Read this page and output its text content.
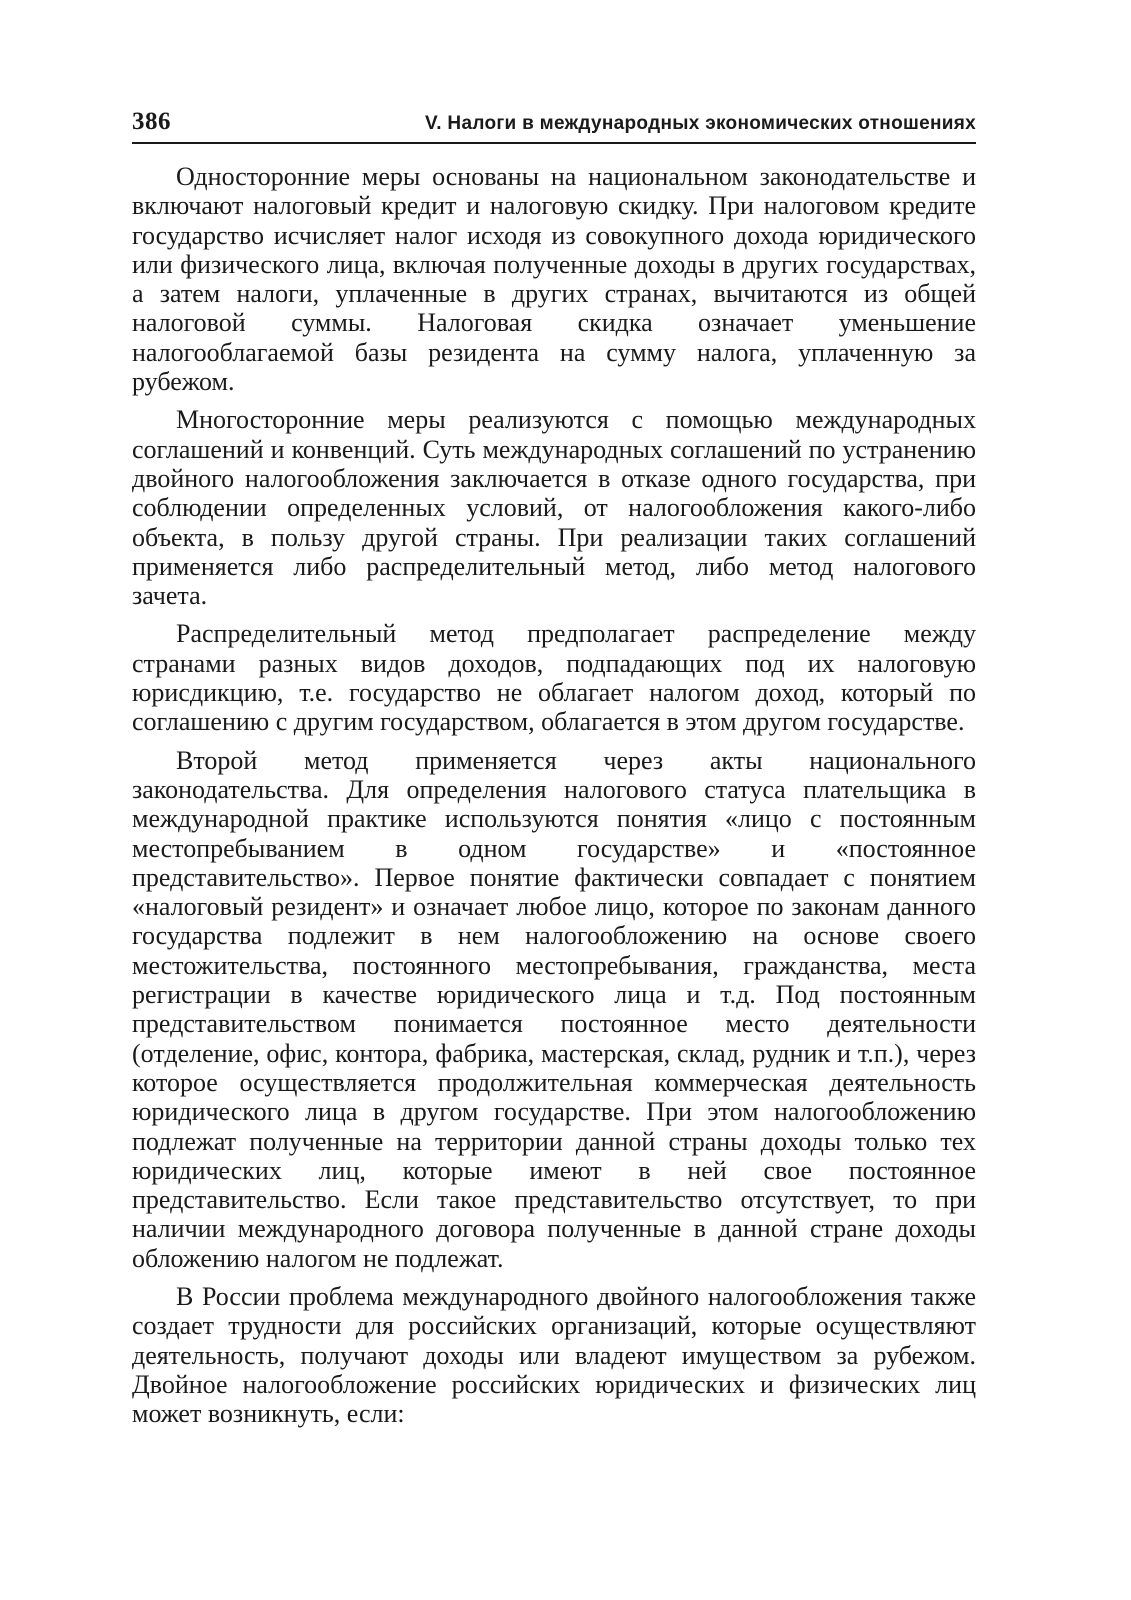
386	V. Налоги в международных экономических отношениях

Односторонние меры основаны на национальном законодательстве и включают налоговый кредит и налоговую скидку. При налоговом кредите государство исчисляет налог исходя из совокупного дохода юридического или физического лица, включая полученные доходы в других государствах, а затем налоги, уплаченные в других странах, вычитаются из общей налоговой суммы. Налоговая скидка означает уменьшение налогооблагаемой базы резидента на сумму налога, уплаченную за рубежом.

Многосторонние меры реализуются с помощью международных соглашений и конвенций. Суть международных соглашений по устранению двойного налогообложения заключается в отказе одного государства, при соблюдении определенных условий, от налогообложения какого-либо объекта, в пользу другой страны. При реализации таких соглашений применяется либо распределительный метод, либо метод налогового зачета.

Распределительный метод предполагает распределение между странами разных видов доходов, подпадающих под их налоговую юрисдикцию, т.е. государство не облагает налогом доход, который по соглашению с другим государством, облагается в этом другом государстве.

Второй метод применяется через акты национального законодательства. Для определения налогового статуса плательщика в международной практике используются понятия «лицо с постоянным местопребыванием в одном государстве» и «постоянное представительство». Первое понятие фактически совпадает с понятием «налоговый резидент» и означает любое лицо, которое по законам данного государства подлежит в нем налогообложению на основе своего местожительства, постоянного местопребывания, гражданства, места регистрации в качестве юридического лица и т.д. Под постоянным представительством понимается постоянное место деятельности (отделение, офис, контора, фабрика, мастерская, склад, рудник и т.п.), через которое осуществляется продолжительная коммерческая деятельность юридического лица в другом государстве. При этом налогообложению подлежат полученные на территории данной страны доходы только тех юридических лиц, которые имеют в ней свое постоянное представительство. Если такое представительство отсутствует, то при наличии международного договора полученные в данной стране доходы обложению налогом не подлежат.

В России проблема международного двойного налогообложения также создает трудности для российских организаций, которые осуществляют деятельность, получают доходы или владеют имуществом за рубежом. Двойное налогообложение российских юридических и физических лиц может возникнуть, если:
